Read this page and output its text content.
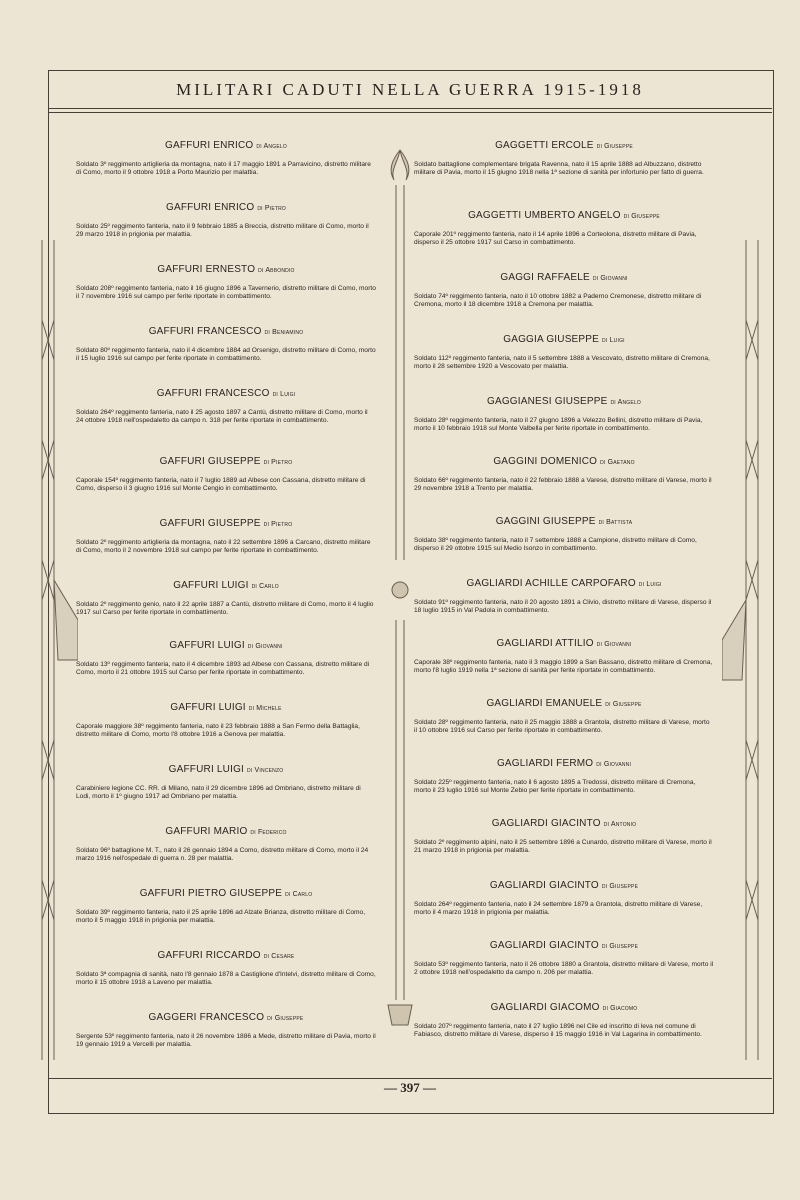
MILITARI CADUTI NELLA GUERRA 1915-1918

GAFFURI ENRICO di Angelo

Soldato 3º reggimento artiglieria da montagna, nato il 17 maggio 1891 a Parravicino, distretto militare di Como, morto il 9 ottobre 1918 a Porto Maurizio per malattia.

GAFFURI ENRICO di Pietro

Soldato 25º reggimento fanteria, nato il 9 febbraio 1885 a Breccia, distretto militare di Como, morto il 29 marzo 1918 in prigionia per malattia.

GAFFURI ERNESTO di Abbondio

Soldato 208º reggimento fanteria, nato il 16 giugno 1896 a Tavernerio, distretto militare di Como, morto il 7 novembre 1916 sul campo per ferite riportate in combattimento.

GAFFURI FRANCESCO di Beniamino

Soldato 80º reggimento fanteria, nato il 4 dicembre 1884 ad Orsenigo, distretto militare di Como, morto il 15 luglio 1916 sul campo per ferite riportate in combattimento.

GAFFURI FRANCESCO di Luigi

Soldato 264º reggimento fanteria, nato il 25 agosto 1897 a Cantù, distretto militare di Como, morto il 24 ottobre 1918 nell'ospedaletto da campo n. 318 per ferite riportate in combattimento.

GAFFURI GIUSEPPE di Pietro

Caporale 154º reggimento fanteria, nato il 7 luglio 1889 ad Albese con Cassana, distretto militare di Como, disperso il 3 giugno 1916 sul Monte Cengio in combattimento.

GAFFURI GIUSEPPE di Pietro

Soldato 2º reggimento artiglieria da montagna, nato il 22 settembre 1896 a Carcano, distretto militare di Como, morto il 2 novembre 1918 sul campo per ferite riportate in combattimento.

GAFFURI LUIGI di Carlo

Soldato 2º reggimento genio, nato il 22 aprile 1887 a Cantù, distretto militare di Como, morto il 4 luglio 1917 sul Carso per ferite riportate in combattimento.

GAFFURI LUIGI di Giovanni

Soldato 13º reggimento fanteria, nato il 4 dicembre 1893 ad Albese con Cassana, distretto militare di Como, morto il 21 ottobre 1915 sul Carso per ferite riportate in combattimento.

GAFFURI LUIGI di Michele

Caporale maggiore 38º reggimento fanteria, nato il 23 febbraio 1888 a San Fermo della Battaglia, distretto militare di Como, morto l'8 ottobre 1916 a Genova per malattia.

GAFFURI LUIGI di Vincenzo

Carabiniere legione CC. RR. di Milano, nato il 29 dicembre 1896 ad Ombriano, distretto militare di Lodi, morto il 1º giugno 1917 ad Ombriano per malattia.

GAFFURI MARIO di Federico

Soldato 96º battaglione M. T., nato il 26 gennaio 1894 a Como, distretto militare di Como, morto il 24 marzo 1916 nell'ospedale di guerra n. 28 per malattia.

GAFFURI PIETRO GIUSEPPE di Carlo

Soldato 39º reggimento fanteria, nato il 25 aprile 1896 ad Alzate Brianza, distretto militare di Como, morto il 5 maggio 1918 in prigionia per malattia.

GAFFURI RICCARDO di Cesare

Soldato 3ª compagnia di sanità, nato l'8 gennaio 1878 a Castiglione d'Intelvi, distretto militare di Como, morto il 15 ottobre 1918 a Laveno per malattia.

GAGGERI FRANCESCO di Giuseppe

Sergente 53º reggimento fanteria, nato il 26 novembre 1886 a Mede, distretto militare di Pavia, morto il 19 gennaio 1919 a Vercelli per malattia.

GAGGETTI ERCOLE di Giuseppe

Soldato battaglione complementare brigata Ravenna, nato il 15 aprile 1888 ad Albuzzano, distretto militare di Pavia, morto il 15 giugno 1918 nella 1ª sezione di sanità per infortunio per fatto di guerra.

GAGGETTI UMBERTO ANGELO di Giuseppe

Caporale 201º reggimento fanteria, nato il 14 aprile 1896 a Corteolona, distretto militare di Pavia, disperso il 25 ottobre 1917 sul Carso in combattimento.

GAGGI RAFFAELE di Giovanni

Soldato 74º reggimento fanteria, nato il 10 ottobre 1882 a Paderno Cremonese, distretto militare di Cremona, morto il 18 dicembre 1918 a Cremona per malattia.

GAGGIA GIUSEPPE di Luigi

Soldato 112º reggimento fanteria, nato il 5 settembre 1888 a Vescovato, distretto militare di Cremona, morto il 28 settembre 1920 a Vescovato per malattia.

GAGGIANESI GIUSEPPE di Angelo

Soldato 28º reggimento fanteria, nato il 27 giugno 1896 a Velezzo Bellini, distretto militare di Pavia, morto il 10 febbraio 1918 sul Monte Valbella per ferite riportate in combattimento.

GAGGINI DOMENICO di Gaetano

Soldato 66º reggimento fanteria, nato il 22 febbraio 1888 a Varese, distretto militare di Varese, morto il 29 novembre 1918 a Trento per malattia.

GAGGINI GIUSEPPE di Battista

Soldato 38º reggimento fanteria, nato il 7 settembre 1888 a Campione, distretto militare di Como, disperso il 29 ottobre 1915 sul Medio Isonzo in combattimento.

GAGLIARDI ACHILLE CARPOFARO di Luigi

Soldato 91º reggimento fanteria, nato il 20 agosto 1891 a Clivio, distretto militare di Varese, disperso il 18 luglio 1915 in Val Padola in combattimento.

GAGLIARDI ATTILIO di Giovanni

Caporale 38º reggimento fanteria, nato il 3 maggio 1899 a San Bassano, distretto militare di Cremona, morto l'8 luglio 1919 nella 1ª sezione di sanità per ferite riportate in combattimento.

GAGLIARDI EMANUELE di Giuseppe

Soldato 28º reggimento fanteria, nato il 25 maggio 1888 a Grantola, distretto militare di Varese, morto il 10 ottobre 1916 sul Carso per ferite riportate in combattimento.

GAGLIARDI FERMO di Giovanni

Soldato 225º reggimento fanteria, nato il 6 agosto 1895 a Tredossi, distretto militare di Cremona, morto il 23 luglio 1916 sul Monte Zebio per ferite riportate in combattimento.

GAGLIARDI GIACINTO di Antonio

Soldato 2º reggimento alpini, nato il 25 settembre 1896 a Cunardo, distretto militare di Varese, morto il 21 marzo 1918 in prigionia per malattia.

GAGLIARDI GIACINTO di Giuseppe

Soldato 264º reggimento fanteria, nato il 24 settembre 1879 a Grantola, distretto militare di Varese, morto il 4 marzo 1918 in prigionia per malattia.

GAGLIARDI GIACINTO di Giuseppe

Soldato 53º reggimento fanteria, nato il 26 ottobre 1880 a Grantola, distretto militare di Varese, morto il 2 ottobre 1918 nell'ospedaletto da campo n. 206 per malattia.

GAGLIARDI GIACOMO di Giacomo

Soldato 207º reggimento fanteria, nato il 27 luglio 1896 nel Cile ed inscritto di leva nel comune di Fabiasco, distretto militare di Varese, disperso il 15 maggio 1916 in Val Lagarina in combattimento.

— 397 —
